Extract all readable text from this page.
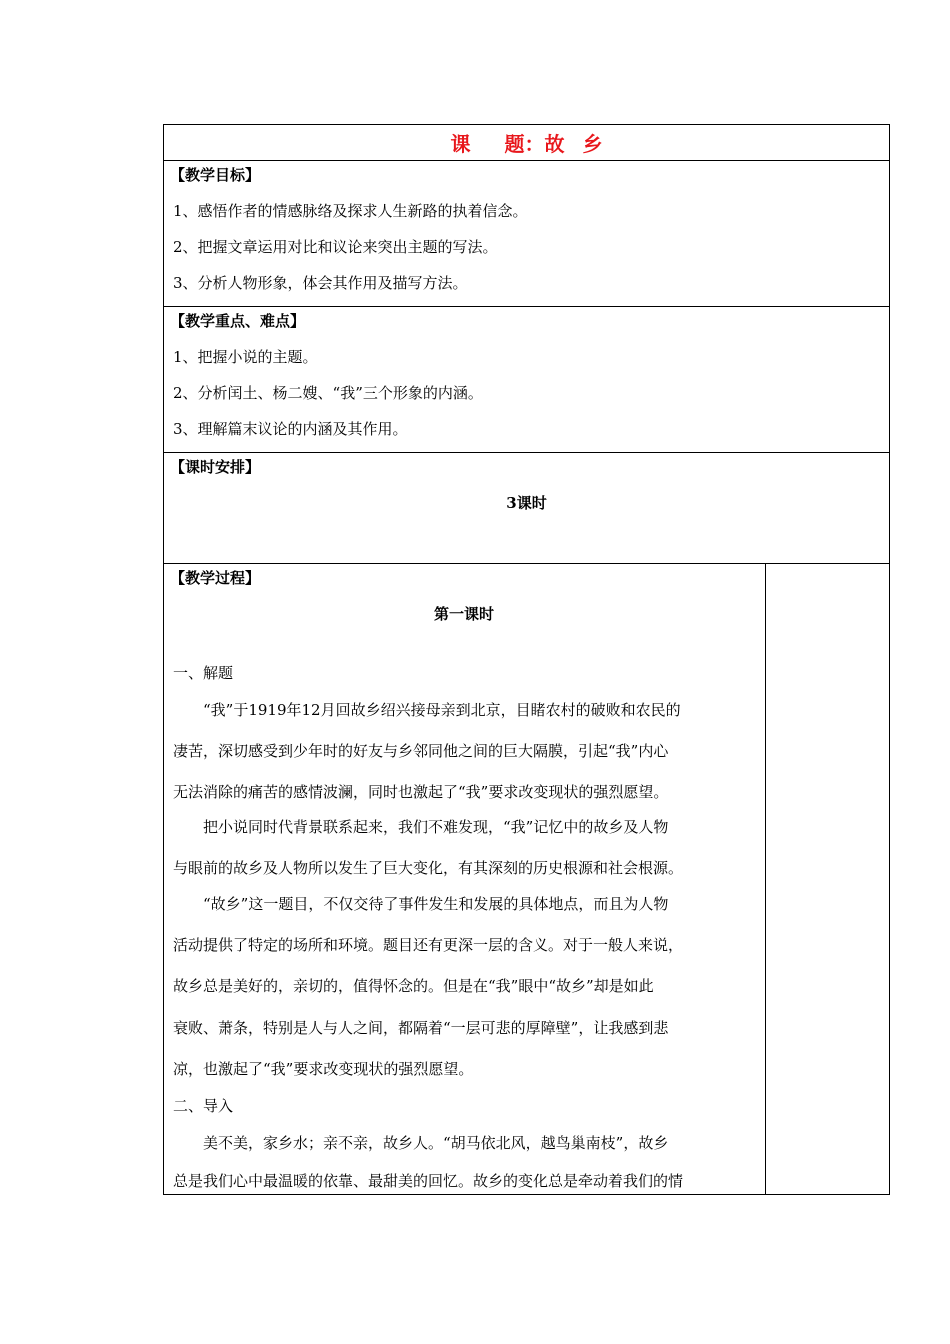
课 题 ： 故 乡
【教学目标】
1、感悟作者的情感脉络及探求人生新路的执着信念。
2、把握文章运用对比和议论来突出主题的写法。
3、分析人物形象，体会其作用及描写方法。
【教学重点、难点】
1、把握小说的主题。
2、分析闰土、杨二嫂、“我”三个形象的内涵。
3、理解篇末议论的内涵及其作用。
【课时安排】
3课时
【教学过程】
第一课时
一、解题
　　“我”于1919年12月回故乡绍兴接母亲到北京，目睹农村的破败和农民的
凄苦，深切感受到少年时的好友与乡邻同他之间的巨大隔膜，引起“我”内心
无法消除的痛苦的感情波澜，同时也激起了“我”要求改变现状的强烈愿望。
　　把小说同时代背景联系起来，我们不难发现，“我”记忆中的故乡及人物
与眼前的故乡及人物所以发生了巨大变化，有其深刻的历史根源和社会根源。
　　“故乡”这一题目，不仅交待了事件发生和发展的具体地点，而且为人物
活动提供了特定的场所和环境。题目还有更深一层的含义。对于一般人来说，
故乡总是美好的，亲切的，值得怀念的。但是在“我”眼中“故乡”却是如此
衰败、萧条，特别是人与人之间，都隔着“一层可悲的厚障壁”，让我感到悲
凉，也激起了“我”要求改变现状的强烈愿望。
二、导入
　　美不美，家乡水；亲不亲，故乡人。“胡马依北风，越鸟巢南枝”，故乡
总是我们心中最温暖的依靠、最甜美的回忆。故乡的变化总是牵动着我们的情
